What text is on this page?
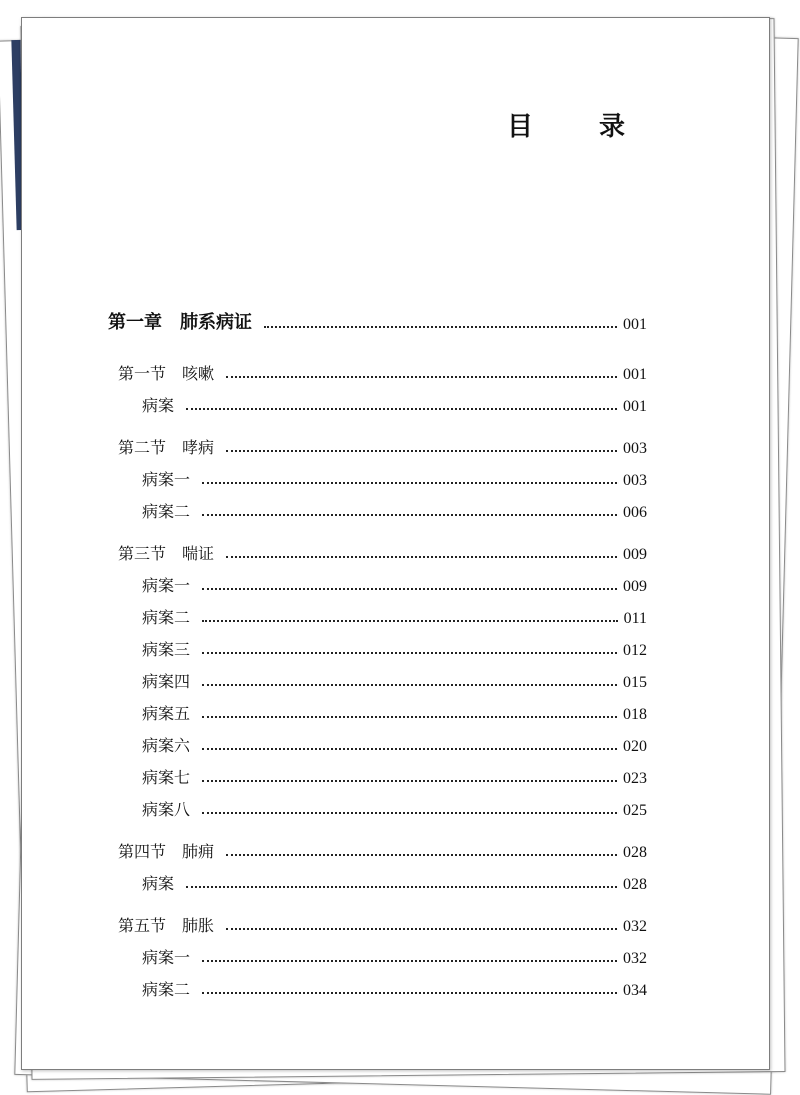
目　录
第一章　肺系病证	001
第一节　咳嗽	001
病案	001
第二节　哮病	003
病案一	003
病案二	006
第三节　喘证	009
病案一	009
病案二	011
病案三	012
病案四	015
病案五	018
病案六	020
病案七	023
病案八	025
第四节　肺痈	028
病案	028
第五节　肺胀	032
病案一	032
病案二	034
